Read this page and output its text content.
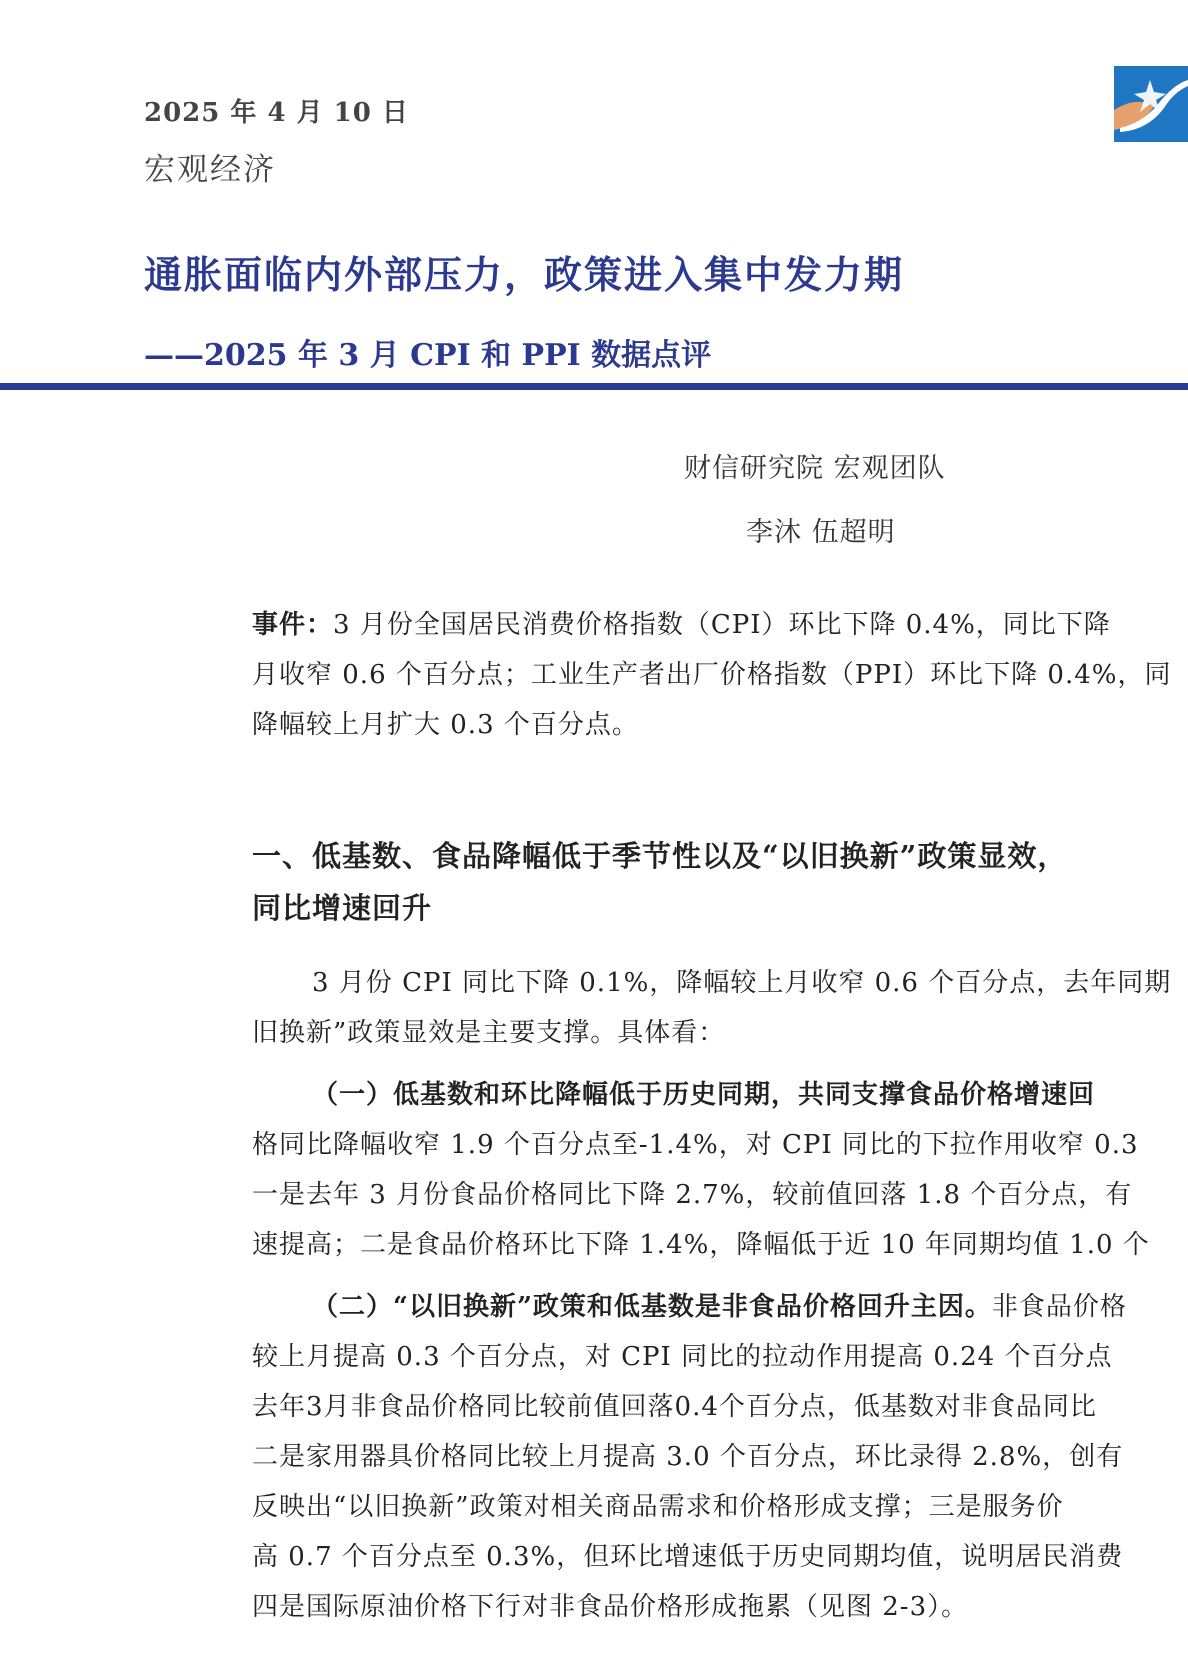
2025 年 4 月 10 日
宏观经济
通胀面临内外部压力，政策进入集中发力期
——2025 年 3 月 CPI 和 PPI 数据点评
财信研究院 宏观团队
李沐 伍超明
事件：3 月份全国居民消费价格指数（CPI）环比下降 0.4%，同比下降
月收窄 0.6 个百分点；工业生产者出厂价格指数（PPI）环比下降 0.4%，同
降幅较上月扩大 0.3 个百分点。
一、低基数、食品降幅低于季节性以及“以旧换新”政策显效，
同比增速回升
3 月份 CPI 同比下降 0.1%，降幅较上月收窄 0.6 个百分点，去年同期
旧换新”政策显效是主要支撑。具体看：
（一）低基数和环比降幅低于历史同期，共同支撑食品价格增速回
格同比降幅收窄 1.9 个百分点至-1.4%，对 CPI 同比的下拉作用收窄 0.3
一是去年 3 月份食品价格同比下降 2.7%，较前值回落 1.8 个百分点，有
速提高；二是食品价格环比下降 1.4%，降幅低于近 10 年同期均值 1.0 个
（二）“以旧换新”政策和低基数是非食品价格回升主因。非食品价格
较上月提高 0.3 个百分点，对 CPI 同比的拉动作用提高 0.24 个百分点
去年3月非食品价格同比较前值回落0.4个百分点，低基数对非食品同比
二是家用器具价格同比较上月提高 3.0 个百分点，环比录得 2.8%，创有
反映出“以旧换新”政策对相关商品需求和价格形成支撑；三是服务价
高 0.7 个百分点至 0.3%，但环比增速低于历史同期均值，说明居民消费
四是国际原油价格下行对非食品价格形成拖累（见图 2-3）。
